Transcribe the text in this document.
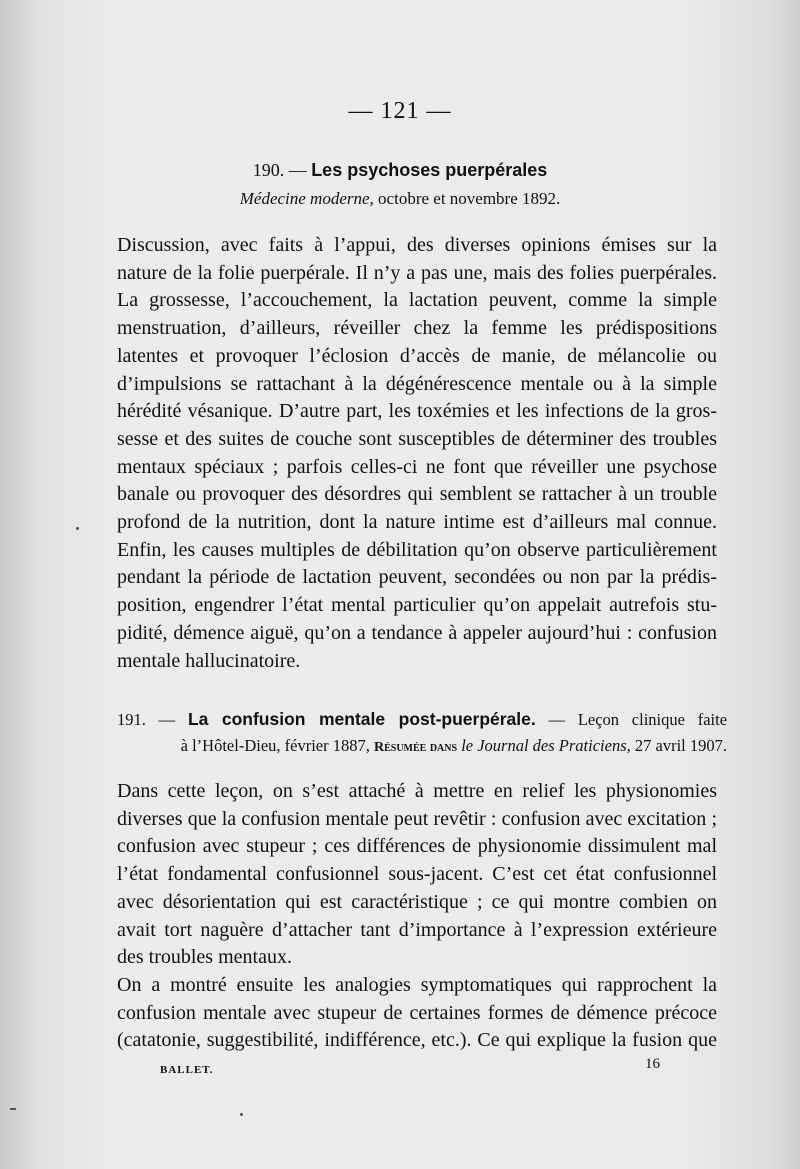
— 121 —
190. — Les psychoses puerpérales
Médecine moderne, octobre et novembre 1892.
Discussion, avec faits à l’appui, des diverses opinions émises sur la
nature de la folie puerpérale. Il n’y a pas une, mais des folies puerpérales.
La grossesse, l’accouchement, la lactation peuvent, comme la simple
menstruation, d’ailleurs, réveiller chez la femme les prédispositions
latentes et provoquer l’éclosion d’accès de manie, de mélancolie ou
d’impulsions se rattachant à la dégénérescence mentale ou à la simple
hérédité vésanique. D’autre part, les toxémies et les infections de la gros-
sesse et des suites de couche sont susceptibles de déterminer des troubles
mentaux spéciaux ; parfois celles-ci ne font que réveiller une psychose
banale ou provoquer des désordres qui semblent se rattacher à un trouble
profond de la nutrition, dont la nature intime est d’ailleurs mal connue.
Enfin, les causes multiples de débilitation qu’on observe particulièrement
pendant la période de lactation peuvent, secondées ou non par la prédis-
position, engendrer l’état mental particulier qu’on appelait autrefois stu-
pidité, démence aiguë, qu’on a tendance à appeler aujourd’hui : confusion
mentale hallucinatoire.
191. — La confusion mentale post-puerpérale. — Leçon clinique faite
à l’Hôtel-Dieu, février 1887, Résumée dans le Journal des Praticiens, 27 avril 1907.
Dans cette leçon, on s’est attaché à mettre en relief les physionomies
diverses que la confusion mentale peut revêtir : confusion avec excitation ;
confusion avec stupeur ; ces différences de physionomie dissimulent mal
l’état fondamental confusionnel sous-jacent. C’est cet état confusionnel
avec désorientation qui est caractéristique ; ce qui montre combien on
avait tort naguère d’attacher tant d’importance à l’expression extérieure
des troubles mentaux.
On a montré ensuite les analogies symptomatiques qui rapprochent la
confusion mentale avec stupeur de certaines formes de démence précoce
(catatonie, suggestibilité, indifférence, etc.). Ce qui explique la fusion que
BALLET.	16
